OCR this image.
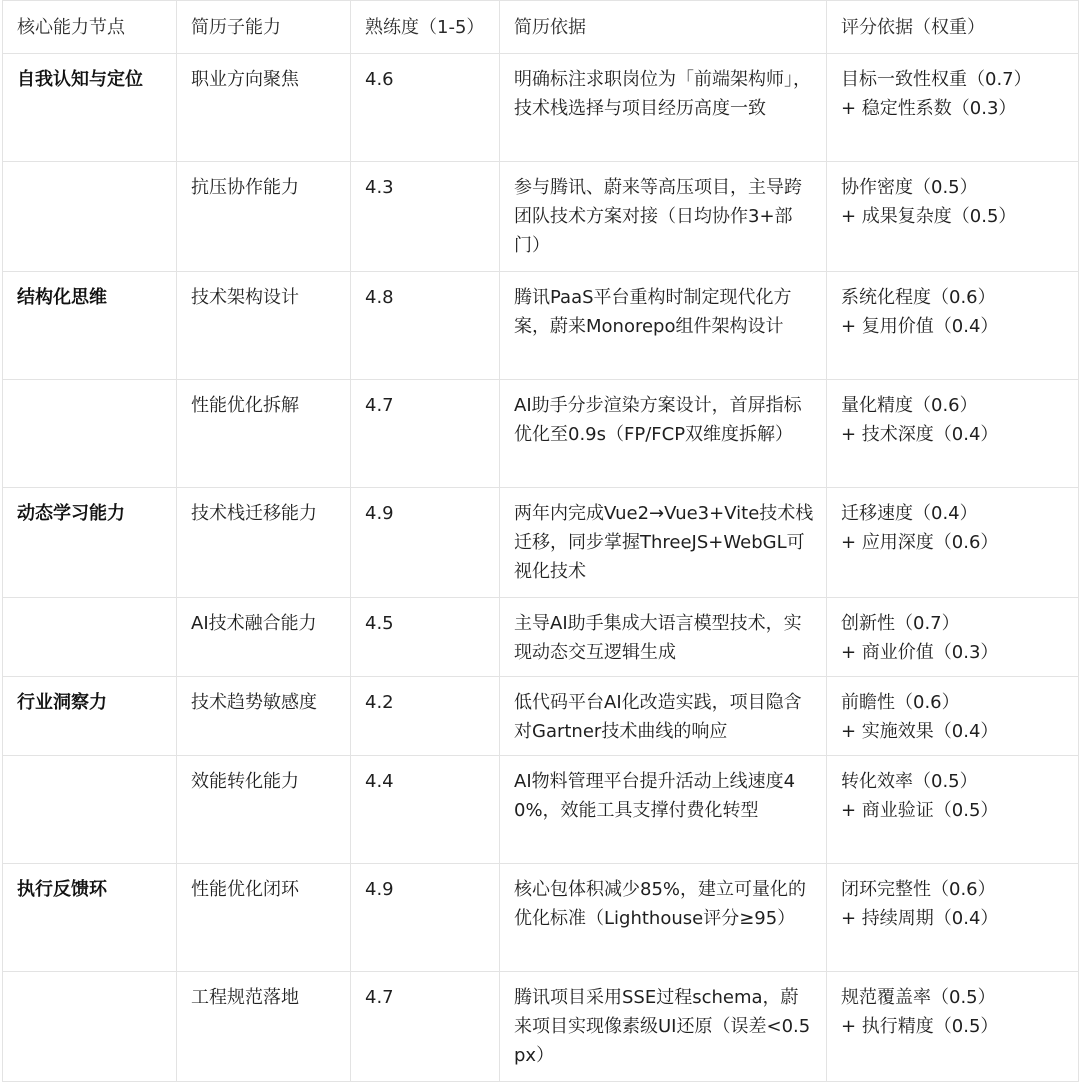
核心能力节点	简历子能力	熟练度（1-5）	简历依据	评分依据（权重）
自我认知与定位	职业方向聚焦	4.6	明确标注求职岗位为「前端架构师」，技术栈选择与项目经历高度一致	目标一致性权重（0.7）
+ 稳定性系数（0.3）

	抗压协作能力	4.3	参与腾讯、蔚来等高压项目，主导跨团队技术方案对接（日均协作3+部门）	协作密度（0.5）
+ 成果复杂度（0.5）

结构化思维	技术架构设计	4.8	腾讯PaaS平台重构时制定现代化方案，蔚来Monorepo组件架构设计	系统化程度（0.6）
+ 复用价值（0.4）

	性能优化拆解	4.7	AI助手分步渲染方案设计，首屏指标优化至0.9s（FP/FCP双维度拆解）	量化精度（0.6）
+ 技术深度（0.4）

动态学习能力	技术栈迁移能力	4.9	两年内完成Vue2→Vue3+Vite技术栈迁移，同步掌握ThreeJS+WebGL可视化技术	迁移速度（0.4）
+ 应用深度（0.6）

	AI技术融合能力	4.5	主导AI助手集成大语言模型技术，实现动态交互逻辑生成	创新性（0.7）
+ 商业价值（0.3）

行业洞察力	技术趋势敏感度	4.2	低代码平台AI化改造实践，项目隐含对Gartner技术曲线的响应	前瞻性（0.6）
+ 实施效果（0.4）

	效能转化能力	4.4	AI物料管理平台提升活动上线速度40%，效能工具支撑付费化转型	转化效率（0.5）
+ 商业验证（0.5）

执行反馈环	性能优化闭环	4.9	核心包体积减少85%，建立可量化的优化标准（Lighthouse评分≥95）	闭环完整性（0.6）
+ 持续周期（0.4）

	工程规范落地	4.7	腾讯项目采用SSE过程schema，蔚来项目实现像素级UI还原（误差<0.5px）	规范覆盖率（0.5）
+ 执行精度（0.5）
